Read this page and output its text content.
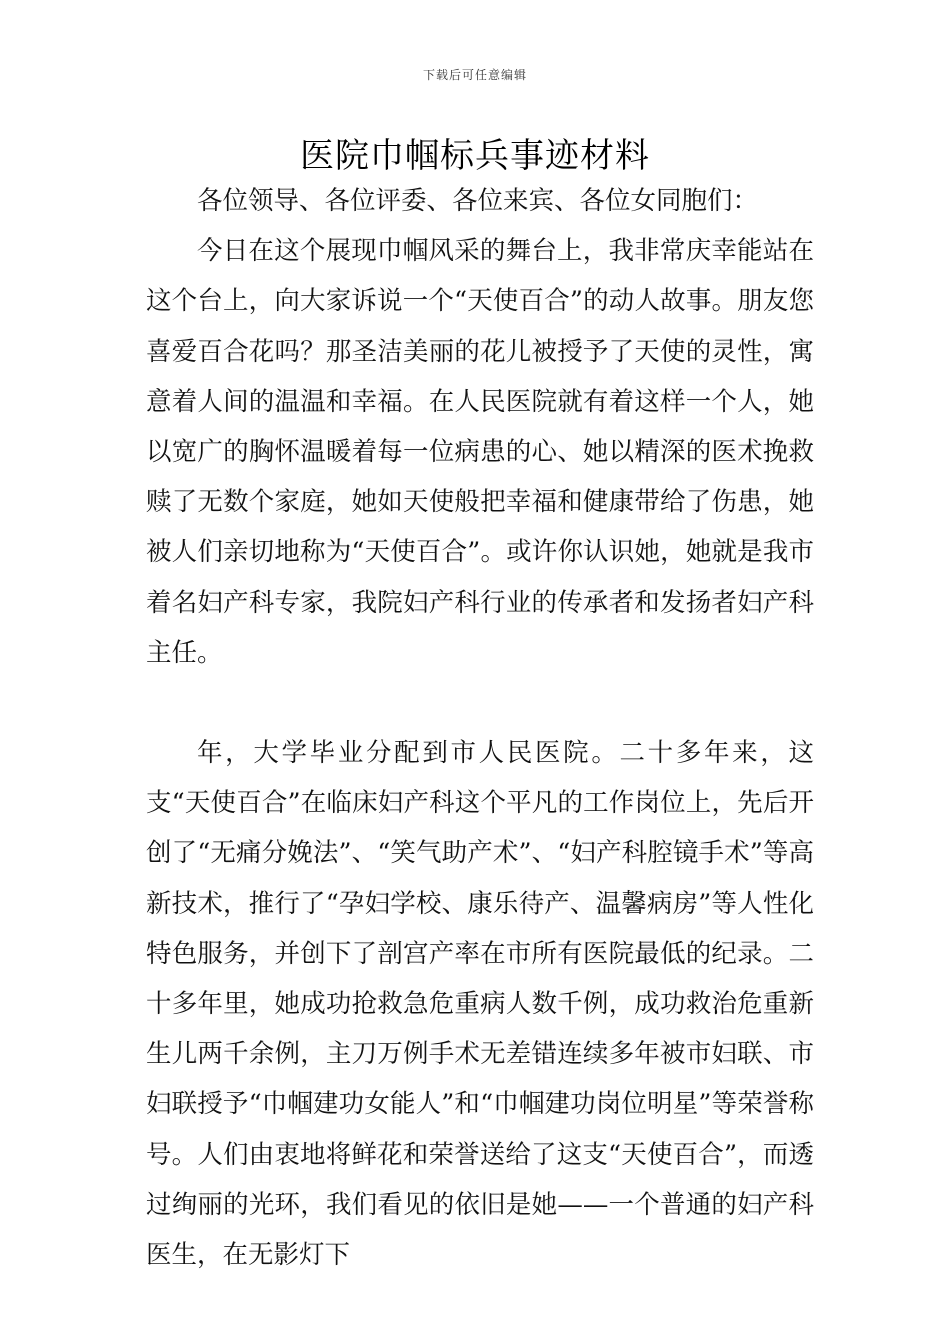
下载后可任意编辑
医院巾帼标兵事迹材料

各位领导、各位评委、各位来宾、各位女同胞们：

今日在这个展现巾帼风采的舞台上，我非常庆幸能站在这个台上，向大家诉说一个“天使百合”的动人故事。朋友您喜爱百合花吗？那圣洁美丽的花儿被授予了天使的灵性，寓意着人间的温温和幸福。在人民医院就有着这样一个人，她以宽广的胸怀温暖着每一位病患的心、她以精深的医术挽救赎了无数个家庭，她如天使般把幸福和健康带给了伤患，她被人们亲切地称为“天使百合”。或许你认识她，她就是我市着名妇产科专家，我院妇产科行业的传承者和发扬者妇产科主任。

年，大学毕业分配到市人民医院。二十多年来，这支“天使百合”在临床妇产科这个平凡的工作岗位上，先后开创了“无痛分娩法”、“笑气助产术”、“妇产科腔镜手术”等高新技术，推行了“孕妇学校、康乐待产、温馨病房”等人性化特色服务，并创下了剖宫产率在市所有医院最低的纪录。二十多年里，她成功抢救急危重病人数千例，成功救治危重新生儿两千余例，主刀万例手术无差错连续多年被市妇联、市妇联授予“巾帼建功女能人”和“巾帼建功岗位明星”等荣誉称号。人们由衷地将鲜花和荣誉送给了这支“天使百合”，而透过绚丽的光环，我们看见的依旧是她——一个普通的妇产科医生，在无影灯下
